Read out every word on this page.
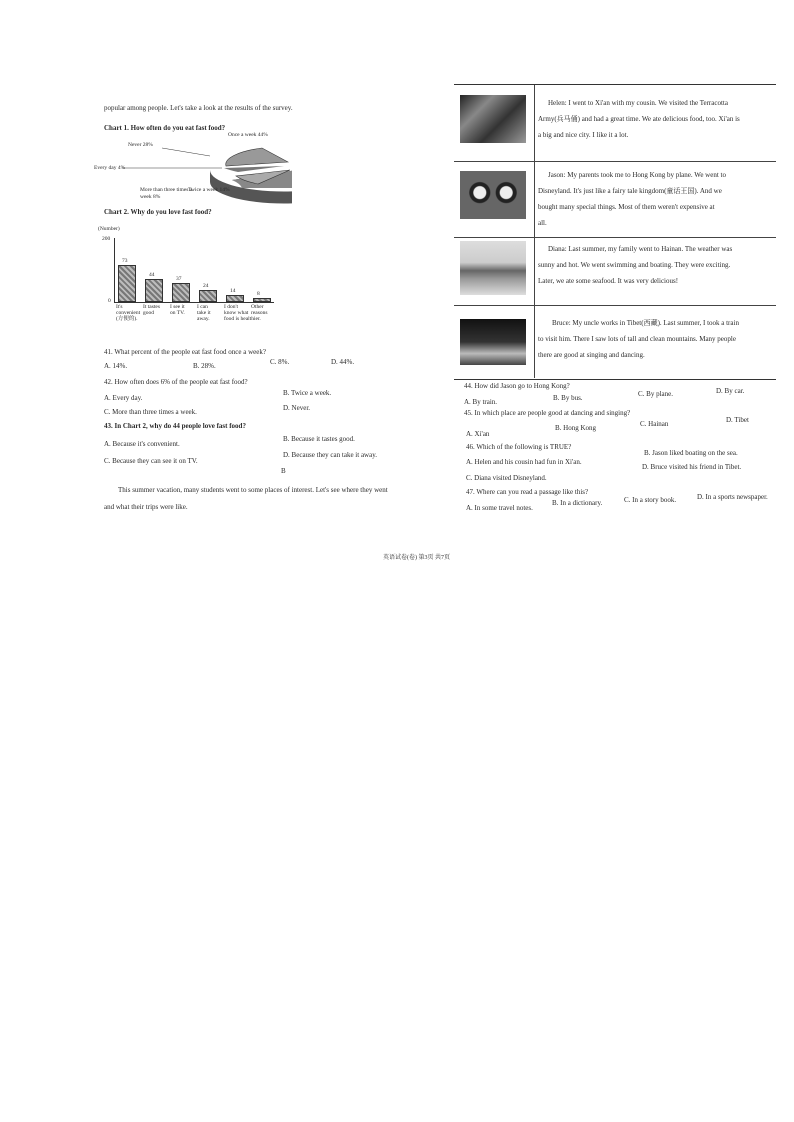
popular among people. Let's take a look at the results of the survey.
Chart 1. How often do you eat fast food?
Once a week 44%
Never 28%
Every day 4%
More than three times a week 8%
Twice a week 14%
Chart 2. Why do you love fast food?
(Number)
200
0
73
It's
convenient
(方便的).
44
It tastes
good
37
I see it
on TV.
24
I can
take it
away.
14
I don't
know what
food is healthier.
8
Other
reasons
41. What percent of the people eat fast food once a week?
A. 14%.	B. 28%.	C. 8%.	D. 44%.
42. How often does 6% of the people eat fast food?
A. Every day.
B. Twice a week.
C. More than three times a week.	D. Never.
43. In Chart 2, why do 44 people love fast food?
A. Because it's convenient.
B. Because it tastes good.
C. Because they can see it on TV.
D. Because they can take it away.
B
This summer vacation, many students went to some places of interest. Let's see where they went
and what their trips were like.
Helen: I went to Xi'an with my cousin. We visited the Terracotta
Army(兵马俑) and had a great time. We ate delicious food, too. Xi'an is
a big and nice city. I like it a lot.
Jason: My parents took me to Hong Kong by plane. We went to
Disneyland. It's just like a fairy tale kingdom(童话王国). And we
bought many special things. Most of them weren't expensive at
all.
Diana: Last summer, my family went to Hainan. The weather was
sunny and hot. We went swimming and boating. They were exciting.
Later, we ate some seafood. It was very delicious!
Bruce: My uncle works in Tibet(西藏). Last summer, I took a train
to visit him. There I saw lots of tall and clean mountains. Many people
there are good at singing and dancing.
44. How did Jason go to Hong Kong?
A. By train.	B. By bus.	C. By plane.	D. By car.
45. In which place are people good at dancing and singing?
A. Xi'an
B. Hong Kong	C. Hainan	D. Tibet
46. Which of the following is TRUE?
A. Helen and his cousin had fun in Xi'an.
B. Jason liked boating on the sea.
C. Diana visited Disneyland.
D. Bruce visited his friend in Tibet.
47. Where can you read a passage like this?
A. In some travel notes.
B. In a dictionary.	C. In a story book.	D. In a sports newspaper.
英语试卷(卷) 第3页 共7页
